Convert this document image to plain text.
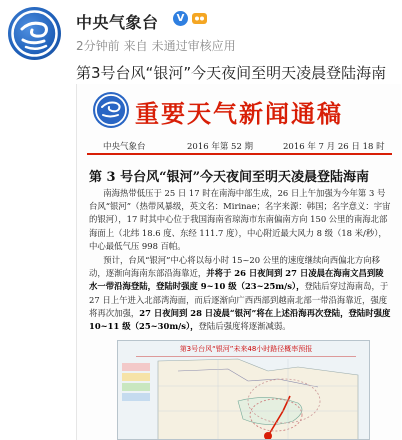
中央气象台	V
2分钟前 来自 未通过审核应用
第3号台风“银河”今天夜间至明天凌晨登陆海南
重要天气新闻通稿
中央气象台	2016 年第 52 期	2016 年 7 月 26 日 18 时
第 3 号台风“银河”今天夜间至明天凌晨登陆海南

南海热带低压于 25 日 17 时在南海中部生成，26 日上午加强为今年第 3 号台风“银河”（热带风暴级，英文名：Mirinae；名字来源：韩国；名字意义：宇宙的银河），17 时其中心位于我国海南省琼海市东南偏南方向 150 公里的南海北部海面上（北纬 18.6 度、东经 111.7 度），中心附近最大风力 8 级（18 米/秒），中心最低气压 998 百帕。

预计，台风“银河”中心将以每小时 15~20 公里的速度继续向西偏北方向移动，逐渐向海南东部沿海靠近，并将于 26 日夜间到 27 日凌晨在海南文昌到陵水一带沿海登陆，登陆时强度 9~10 级（23~25m/s），登陆后穿过海南岛，于 27 日上午进入北部湾海面，而后逐渐向广西西部到越南北部一带沿海靠近，强度将再次加强，27 日夜间到 28 日凌晨“银河”将在上述沿海再次登陆，登陆时强度 10~11 级（25~30m/s），登陆后强度将逐渐减弱。

第3号台风“银河”未来48小时路径概率预报
